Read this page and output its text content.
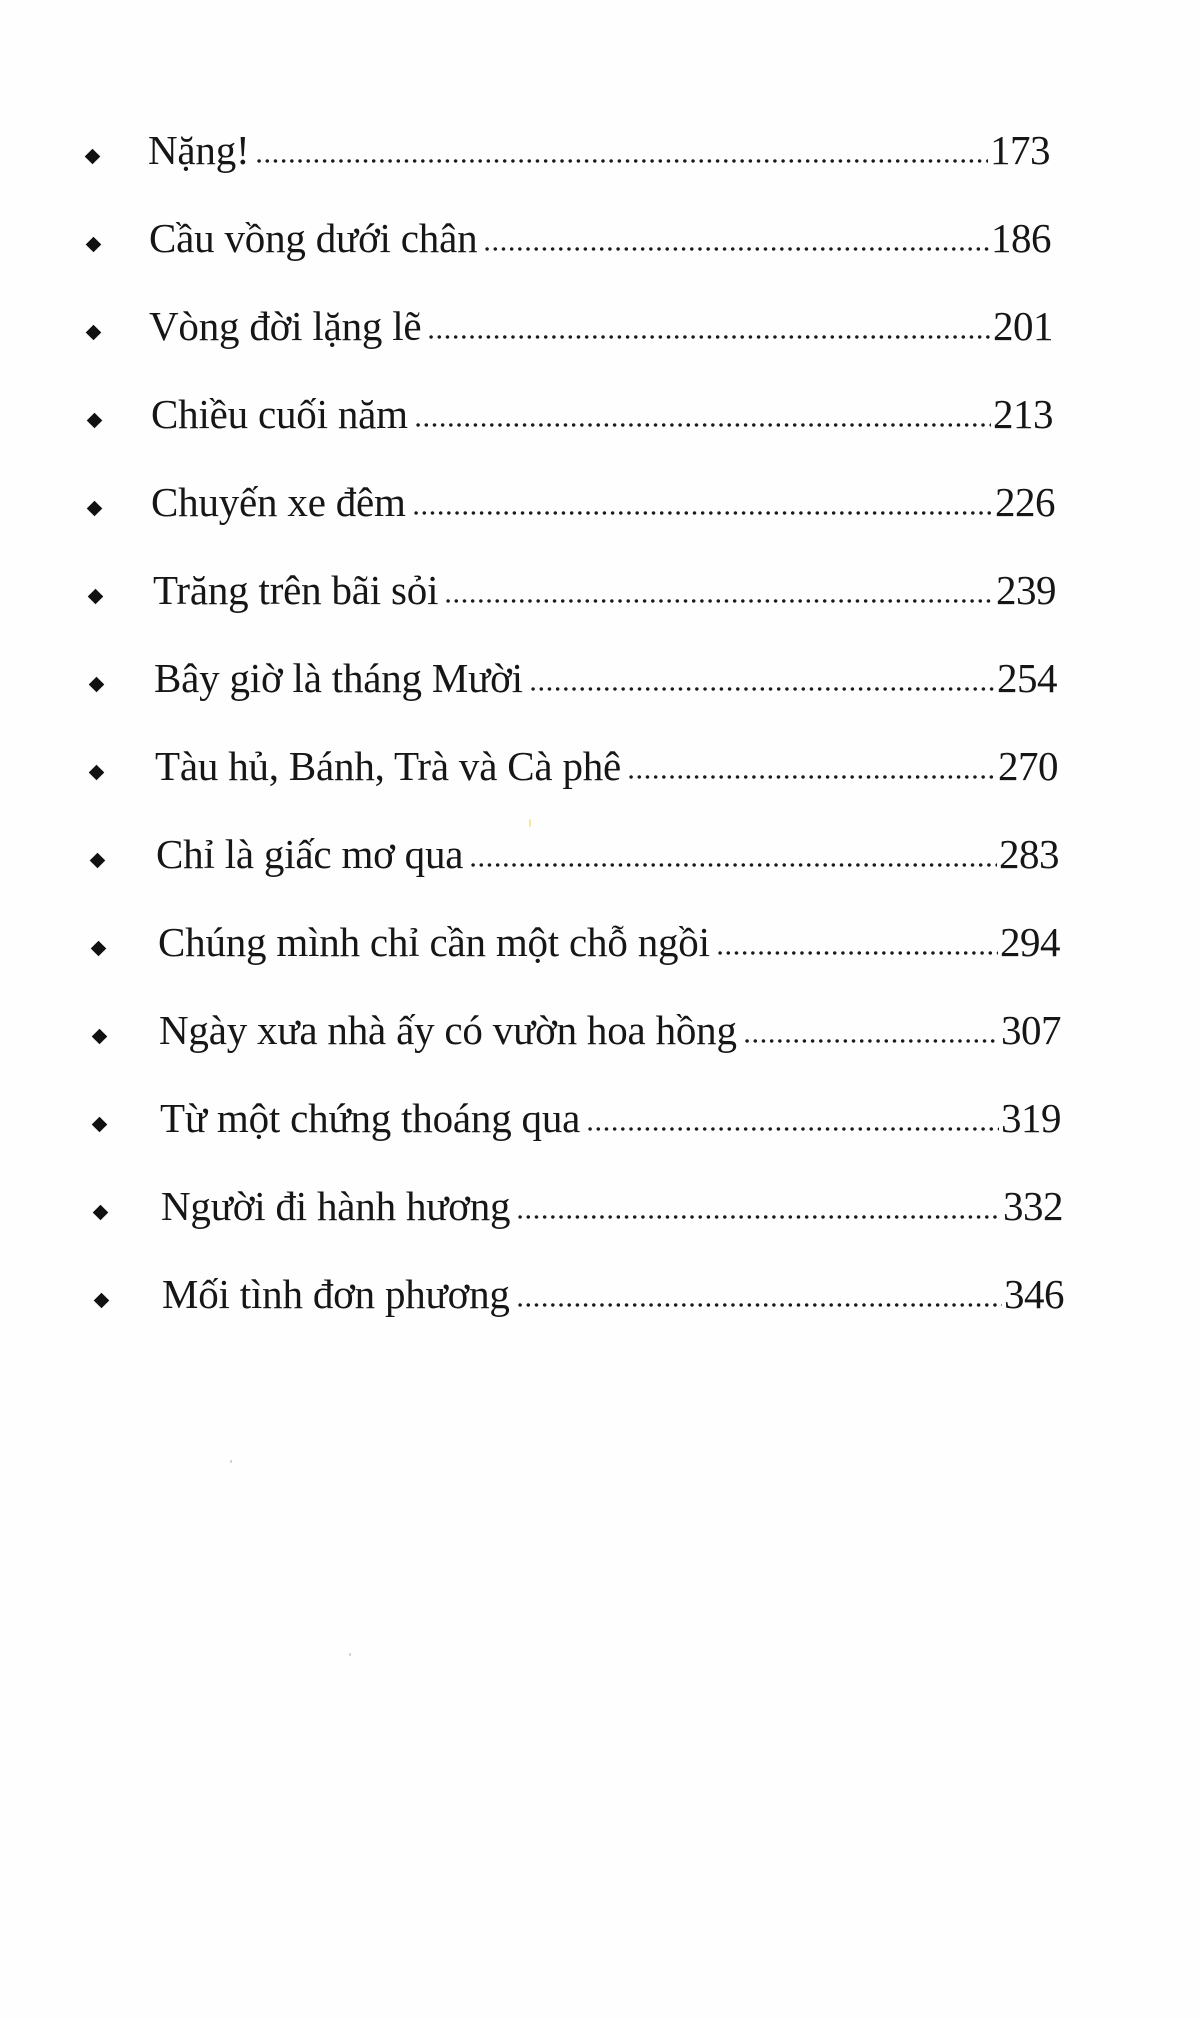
Nặng!	173
Cầu vồng dưới chân	186
Vòng đời lặng lẽ	201
Chiều cuối năm	213
Chuyến xe đêm	226
Trăng trên bãi sỏi	239
Bây giờ là tháng Mười	254
Tàu hủ, Bánh, Trà và Cà phê	270
Chỉ là giấc mơ qua	283
Chúng mình chỉ cần một chỗ ngồi	294
Ngày xưa nhà ấy có vườn hoa hồng	307
Từ một chứng thoáng qua	319
Người đi hành hương	332
Mối tình đơn phương	346
